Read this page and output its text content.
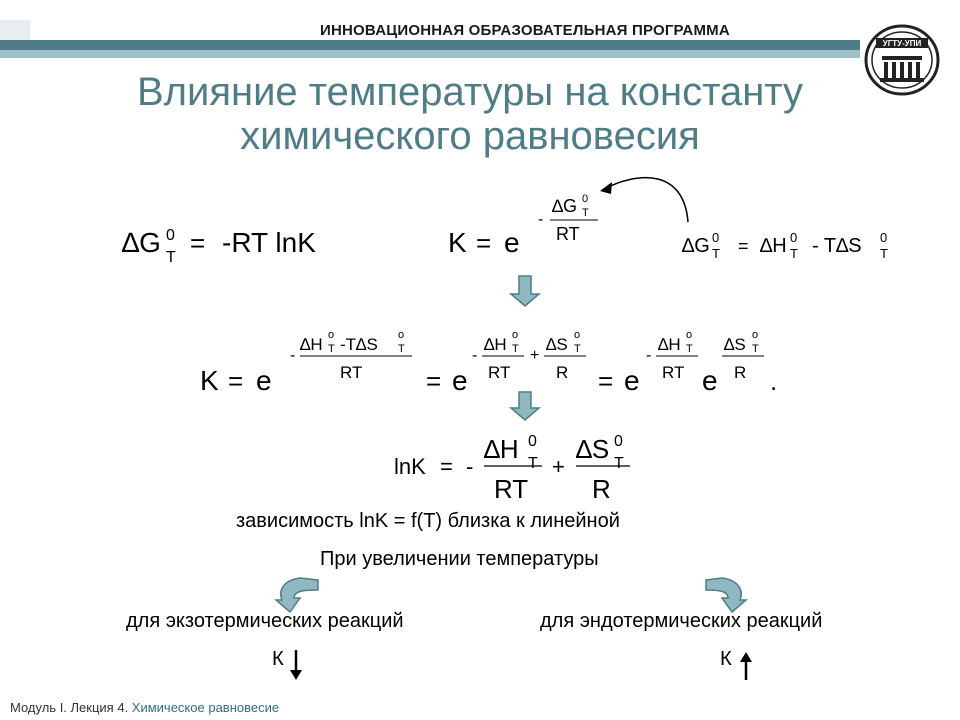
ИННОВАЦИОННАЯ ОБРАЗОВАТЕЛЬНАЯ ПРОГРАММА
УГТУ-УПИ
Влияние температуры на константу
химического равновесия
∆G 0
T = -RT lnK	K = e
-
∆G 0
T
RT
∆G 0
T = ∆H 0
T - T∆S 0
T
K = e
-
∆H o
T -T∆S o
T
RT = e
-
∆H o
T
RT
+
∆S o
T
R = e
-
∆H o
T
RT e
∆S o
T
R .
lnK = -
∆H 0
T
RT
+
∆S 0
T
R
зависимость lnK = f(T) близка к линейной
При увеличении температуры
для экзотермических реакций	для эндотермических реакций
К	К
Модуль I. Лекция 4. Химическое равновесие
